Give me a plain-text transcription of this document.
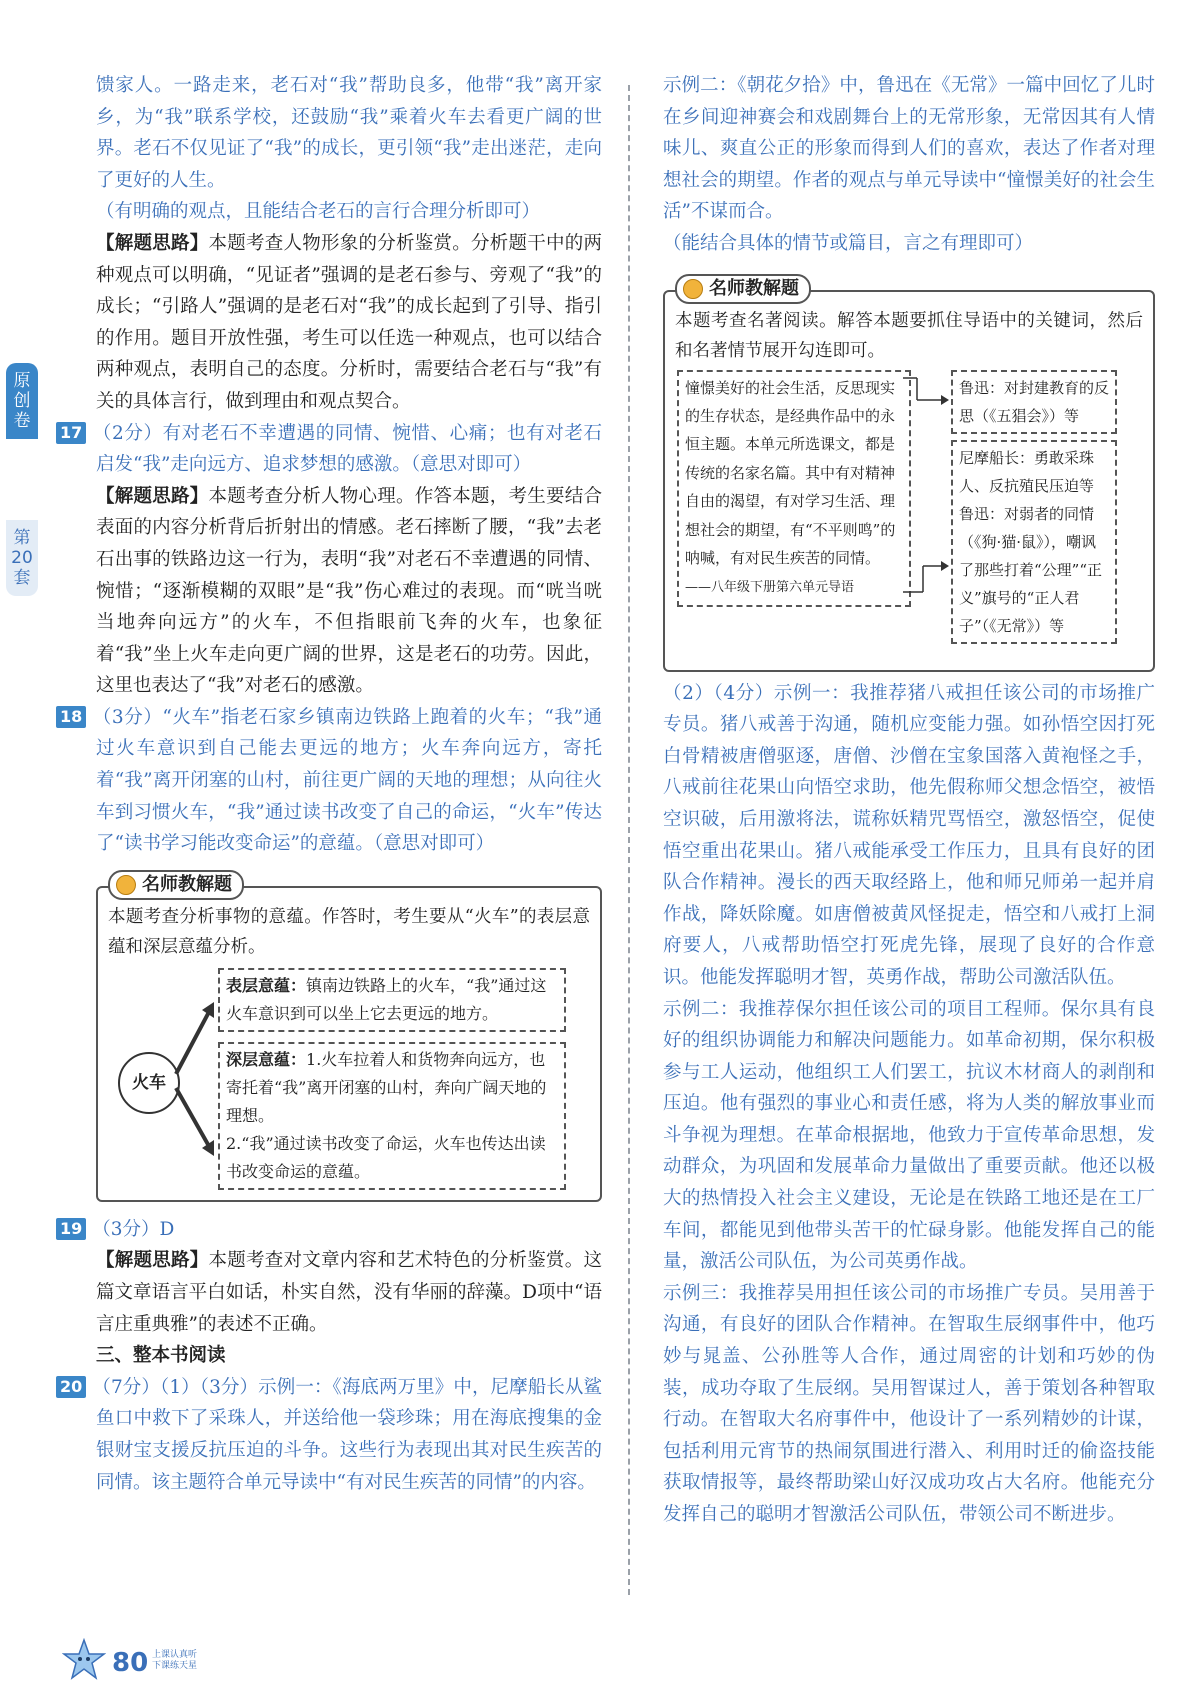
原创卷
第20套

馈家人。一路走来，老石对“我”帮助良多，他带“我”离开家乡，为“我”联系学校，还鼓励“我”乘着火车去看更广阔的世界。老石不仅见证了“我”的成长，更引领“我”走出迷茫，走向了更好的人生。

（有明确的观点，且能结合老石的言行合理分析即可）

【解题思路】本题考查人物形象的分析鉴赏。分析题干中的两种观点可以明确，“见证者”强调的是老石参与、旁观了“我”的成长；“引路人”强调的是老石对“我”的成长起到了引导、指引的作用。题目开放性强，考生可以任选一种观点，也可以结合两种观点，表明自己的态度。分析时，需要结合老石与“我”有关的具体言行，做到理由和观点契合。

17 （2分）有对老石不幸遭遇的同情、惋惜、心痛；也有对老石启发“我”走向远方、追求梦想的感激。（意思对即可）

【解题思路】本题考查分析人物心理。作答本题，考生要结合表面的内容分析背后折射出的情感。老石摔断了腰，“我”去老石出事的铁路边这一行为，表明“我”对老石不幸遭遇的同情、惋惜；“逐渐模糊的双眼”是“我”伤心难过的表现。而“咣当咣当地奔向远方”的火车，不但指眼前飞奔的火车，也象征着“我”坐上火车走向更广阔的世界，这是老石的功劳。因此，这里也表达了“我”对老石的感激。

18 （3分）“火车”指老石家乡镇南边铁路上跑着的火车；“我”通过火车意识到自己能去更远的地方；火车奔向远方，寄托着“我”离开闭塞的山村，前往更广阔的天地的理想；从向往火车到习惯火车，“我”通过读书改变了自己的命运，“火车”传达了“读书学习能改变命运”的意蕴。（意思对即可）

名师教解题

本题考查分析事物的意蕴。作答时，考生要从“火车”的表层意蕴和深层意蕴分析。

火车
表层意蕴：镇南边铁路上的火车，“我”通过这火车意识到可以坐上它去更远的地方。
深层意蕴：1.火车拉着人和货物奔向远方，也寄托着“我”离开闭塞的山村，奔向广阔天地的理想。
2.“我”通过读书改变了命运，火车也传达出读书改变命运的意蕴。

19 （3分）D

【解题思路】本题考查对文章内容和艺术特色的分析鉴赏。这篇文章语言平白如话，朴实自然，没有华丽的辞藻。D项中“语言庄重典雅”的表述不正确。

三、整本书阅读

20 （7分）（1）（3分）示例一：《海底两万里》中，尼摩船长从鲨鱼口中救下了采珠人，并送给他一袋珍珠；用在海底搜集的金银财宝支援反抗压迫的斗争。这些行为表现出其对民生疾苦的同情。该主题符合单元导读中“有对民生疾苦的同情”的内容。

示例二：《朝花夕拾》中，鲁迅在《无常》一篇中回忆了儿时在乡间迎神赛会和戏剧舞台上的无常形象，无常因其有人情味儿、爽直公正的形象而得到人们的喜欢，表达了作者对理想社会的期望。作者的观点与单元导读中“憧憬美好的社会生活”不谋而合。

（能结合具体的情节或篇目，言之有理即可）

名师教解题

本题考查名著阅读。解答本题要抓住导语中的关键词，然后和名著情节展开勾连即可。

憧憬美好的社会生活，反思现实的生存状态，是经典作品中的永恒主题。本单元所选课文，都是传统的名家名篇。其中有对精神自由的渴望，有对学习生活、理想社会的期望，有“不平则鸣”的呐喊，有对民生疾苦的同情。
——八年级下册第六单元导语
鲁迅：对封建教育的反思（《五猖会》）等
尼摩船长：勇敢采珠人、反抗殖民压迫等
鲁迅：对弱者的同情（《狗·猫·鼠》），嘲讽了那些打着“公理”“正义”旗号的“正人君子”（《无常》）等

（2）（4分）示例一：我推荐猪八戒担任该公司的市场推广专员。猪八戒善于沟通，随机应变能力强。如孙悟空因打死白骨精被唐僧驱逐，唐僧、沙僧在宝象国落入黄袍怪之手，八戒前往花果山向悟空求助，他先假称师父想念悟空，被悟空识破，后用激将法，谎称妖精咒骂悟空，激怒悟空，促使悟空重出花果山。猪八戒能承受工作压力，且具有良好的团队合作精神。漫长的西天取经路上，他和师兄师弟一起并肩作战，降妖除魔。如唐僧被黄风怪捉走，悟空和八戒打上洞府要人，八戒帮助悟空打死虎先锋，展现了良好的合作意识。他能发挥聪明才智，英勇作战，帮助公司激活队伍。

示例二：我推荐保尔担任该公司的项目工程师。保尔具有良好的组织协调能力和解决问题能力。如革命初期，保尔积极参与工人运动，他组织工人们罢工，抗议木材商人的剥削和压迫。他有强烈的事业心和责任感，将为人类的解放事业而斗争视为理想。在革命根据地，他致力于宣传革命思想，发动群众，为巩固和发展革命力量做出了重要贡献。他还以极大的热情投入社会主义建设，无论是在铁路工地还是在工厂车间，都能见到他带头苦干的忙碌身影。他能发挥自己的能量，激活公司队伍，为公司英勇作战。

示例三：我推荐吴用担任该公司的市场推广专员。吴用善于沟通，有良好的团队合作精神。在智取生辰纲事件中，他巧妙与晁盖、公孙胜等人合作，通过周密的计划和巧妙的伪装，成功夺取了生辰纲。吴用智谋过人，善于策划各种智取行动。在智取大名府事件中，他设计了一系列精妙的计谋，包括利用元宵节的热闹氛围进行潜入、利用时迁的偷盗技能获取情报等，最终帮助梁山好汉成功攻占大名府。他能充分发挥自己的聪明才智激活公司队伍，带领公司不断进步。

80 上课认真听
下课练天星
